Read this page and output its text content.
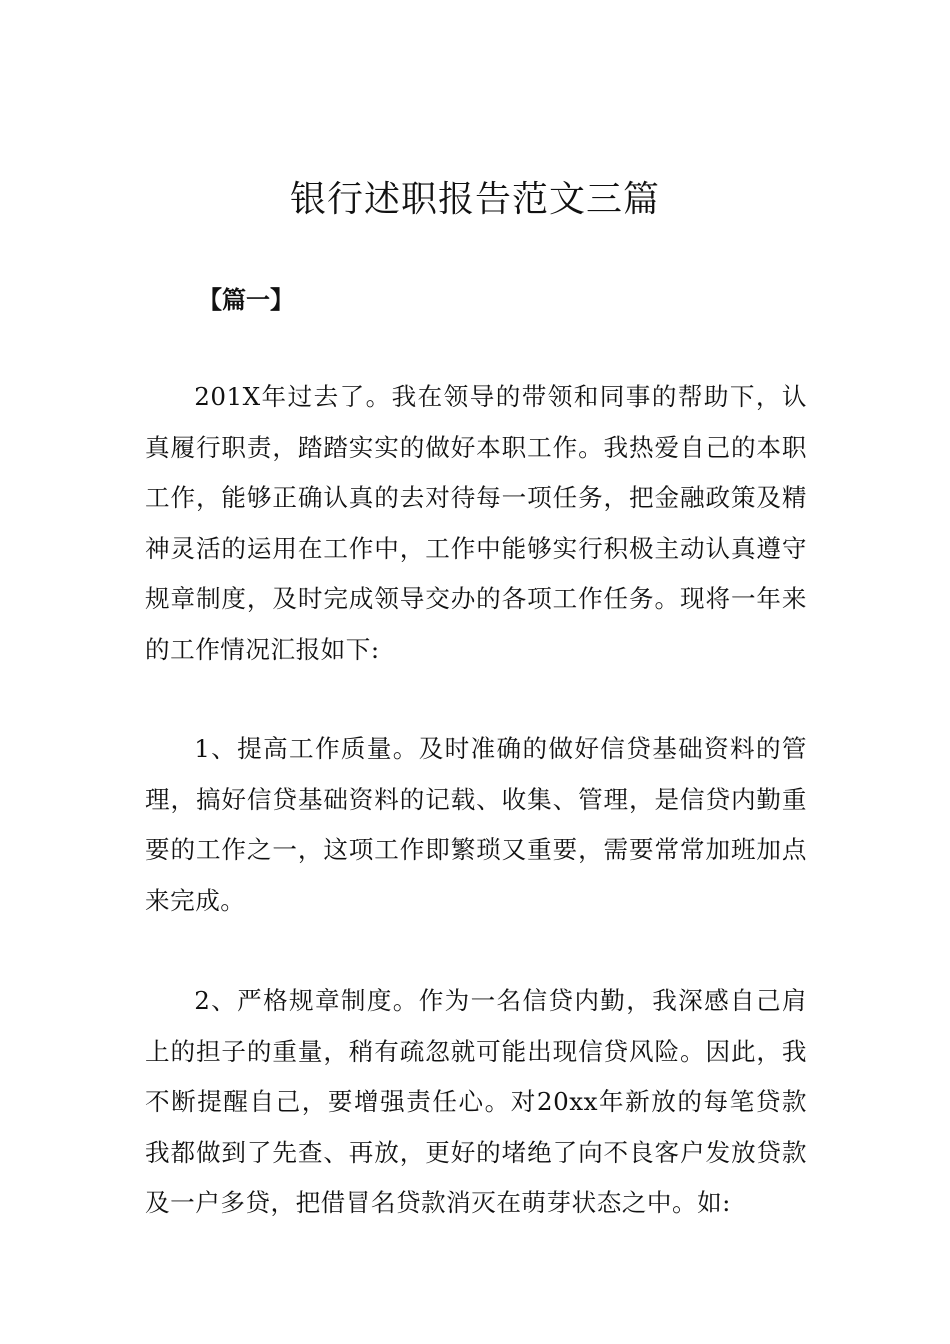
银行述职报告范文三篇
【篇一】

201X年过去了。我在领导的带领和同事的帮助下，认真履行职责，踏踏实实的做好本职工作。我热爱自己的本职工作，能够正确认真的去对待每一项任务，把金融政策及精神灵活的运用在工作中，工作中能够实行积极主动认真遵守规章制度，及时完成领导交办的各项工作任务。现将一年来的工作情况汇报如下:

1、提高工作质量。及时准确的做好信贷基础资料的管理，搞好信贷基础资料的记载、收集、管理，是信贷内勤重要的工作之一，这项工作即繁琐又重要，需要常常加班加点来完成。

2、严格规章制度。作为一名信贷内勤，我深感自己肩上的担子的重量，稍有疏忽就可能出现信贷风险。因此，我不断提醒自己，要增强责任心。对20xx年新放的每笔贷款我都做到了先查、再放，更好的堵绝了向不良客户发放贷款及一户多贷，把借冒名贷款消灭在萌芽状态之中。如:
